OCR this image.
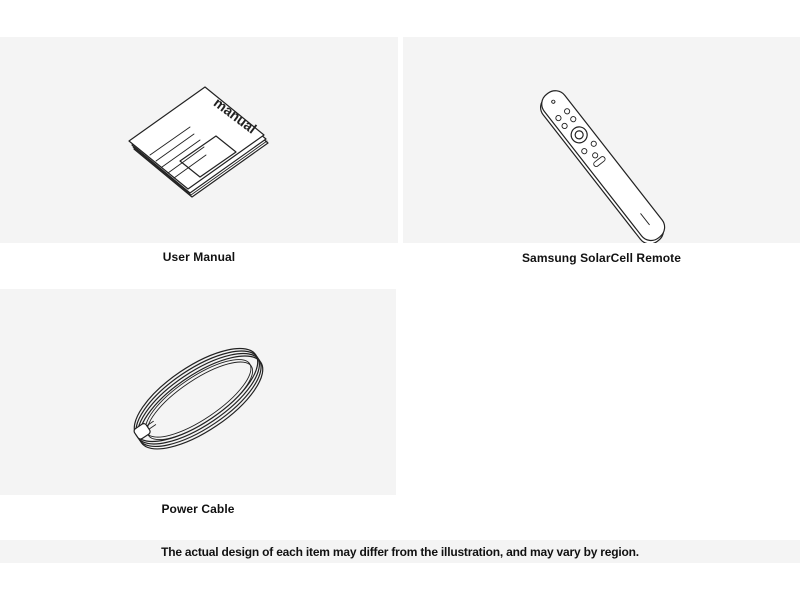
manual
User Manual	Samsung SolarCell Remote
Power Cable
The actual design of each item may differ from the illustration, and may vary by region.
